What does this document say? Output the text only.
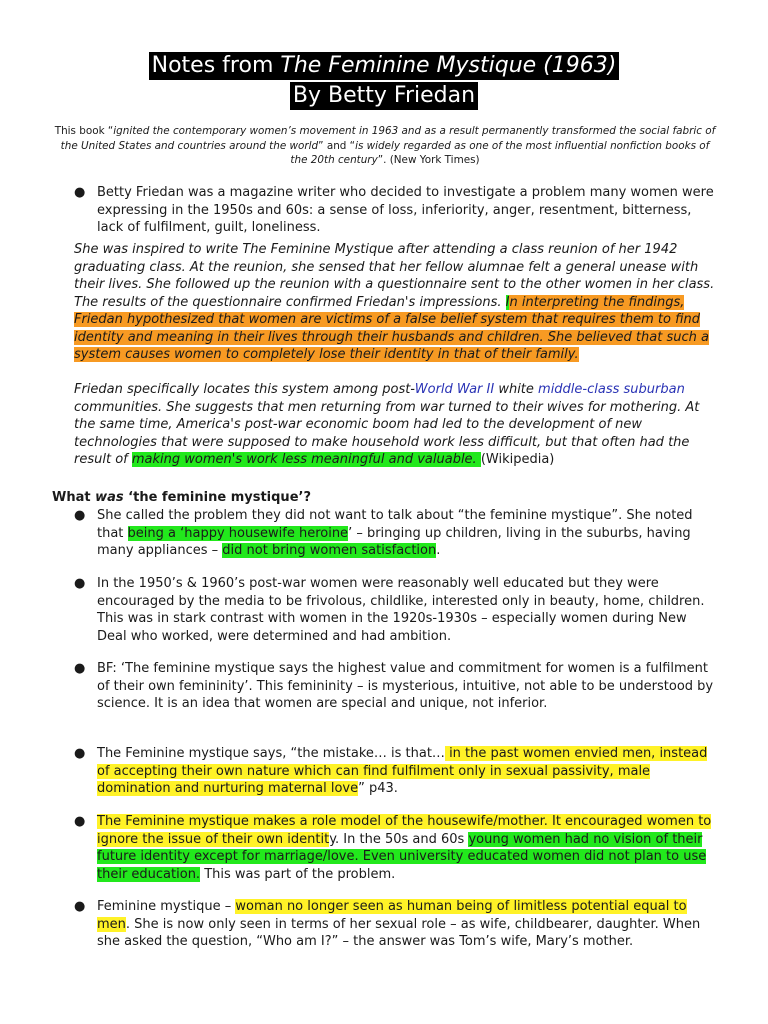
Notes from The Feminine Mystique (1963)
By Betty Friedan
This book “ignited the contemporary women’s movement in 1963 and as a result permanently transformed the social fabric of the United States and countries around the world” and “is widely regarded as one of the most influential nonfiction books of the 20th century”. (New York Times)
● Betty Friedan was a magazine writer who decided to investigate a problem many women were expressing in the 1950s and 60s: a sense of loss, inferiority, anger, resentment, bitterness, lack of fulfilment, guilt, loneliness.
She was inspired to write The Feminine Mystique after attending a class reunion of her 1942 graduating class. At the reunion, she sensed that her fellow alumnae felt a general unease with their lives. She followed up the reunion with a questionnaire sent to the other women in her class. The results of the questionnaire confirmed Friedan's impressions. In interpreting the findings, Friedan hypothesized that women are victims of a false belief system that requires them to find identity and meaning in their lives through their husbands and children. She believed that such a system causes women to completely lose their identity in that of their family.
Friedan specifically locates this system among post-World War II white middle-class suburban communities. She suggests that men returning from war turned to their wives for mothering. At the same time, America's post-war economic boom had led to the development of new technologies that were supposed to make household work less difficult, but that often had the result of making women's work less meaningful and valuable. (Wikipedia)
What was ‘the feminine mystique’?
● She called the problem they did not want to talk about “the feminine mystique”. She noted that being a ‘happy housewife heroine’ – bringing up children, living in the suburbs, having many appliances – did not bring women satisfaction.
● In the 1950’s & 1960’s post-war women were reasonably well educated but they were encouraged by the media to be frivolous, childlike, interested only in beauty, home, children. This was in stark contrast with women in the 1920s-1930s – especially women during New Deal who worked, were determined and had ambition.
● BF: ‘The feminine mystique says the highest value and commitment for women is a fulfilment of their own femininity’. This femininity – is mysterious, intuitive, not able to be understood by science. It is an idea that women are special and unique, not inferior.
● The Feminine mystique says, “the mistake… is that… in the past women envied men, instead of accepting their own nature which can find fulfilment only in sexual passivity, male domination and nurturing maternal love” p43.
● The Feminine mystique makes a role model of the housewife/mother. It encouraged women to ignore the issue of their own identity. In the 50s and 60s young women had no vision of their future identity except for marriage/love. Even university educated women did not plan to use their education. This was part of the problem.
● Feminine mystique – woman no longer seen as human being of limitless potential equal to men. She is now only seen in terms of her sexual role – as wife, childbearer, daughter. When she asked the question, “Who am I?” – the answer was Tom’s wife, Mary’s mother.
